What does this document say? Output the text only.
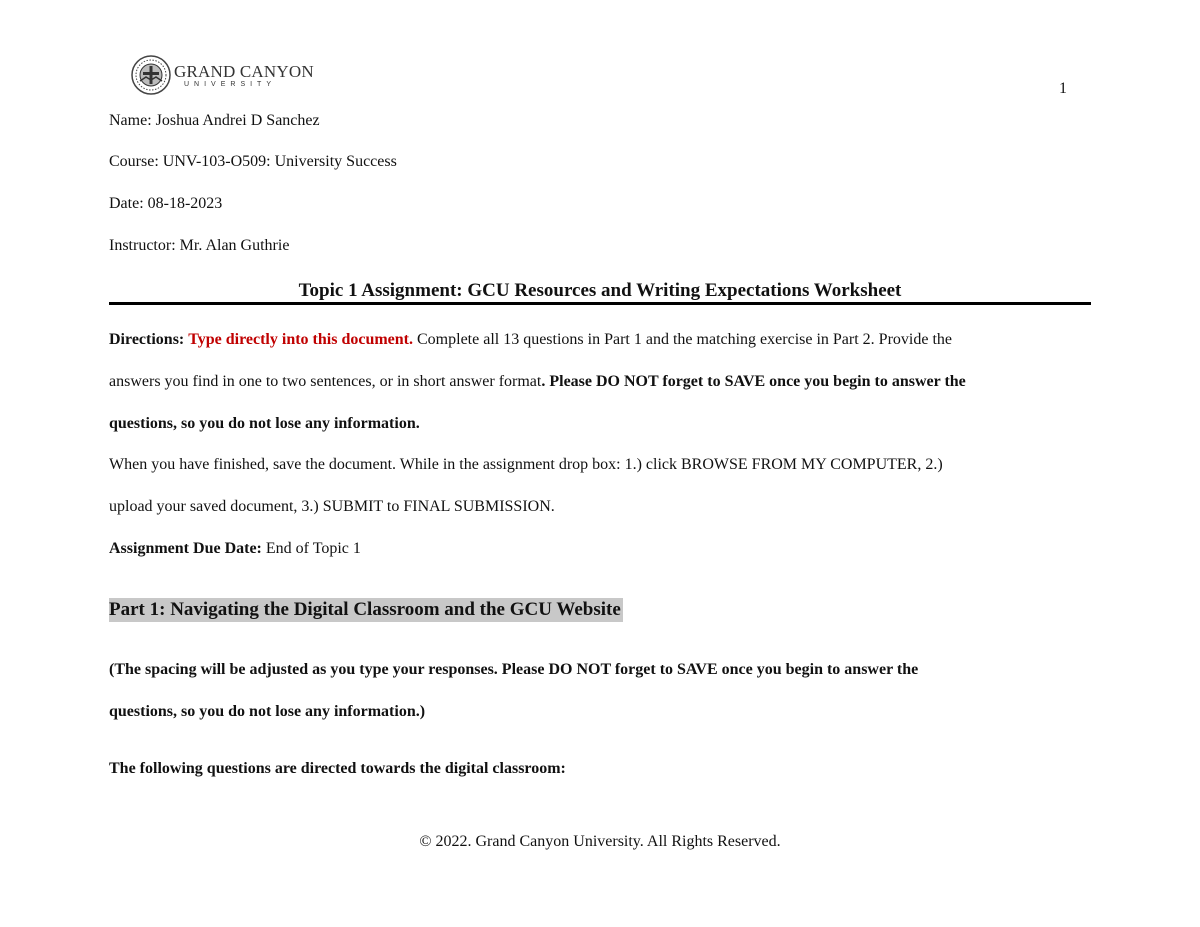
GRAND CANYON
UNIVERSITY	1
Name: Joshua Andrei D Sanchez
Course: UNV-103-O509: University Success
Date: 08-18-2023
Instructor: Mr. Alan Guthrie
Topic 1 Assignment: GCU Resources and Writing Expectations Worksheet
Directions: Type directly into this document. Complete all 13 questions in Part 1 and the matching exercise in Part 2. Provide the
answers you find in one to two sentences, or in short answer format. Please DO NOT forget to SAVE once you begin to answer the
questions, so you do not lose any information.
When you have finished, save the document. While in the assignment drop box: 1.) click BROWSE FROM MY COMPUTER, 2.)
upload your saved document, 3.) SUBMIT to FINAL SUBMISSION.
Assignment Due Date: End of Topic 1
Part 1: Navigating the Digital Classroom and the GCU Website
(The spacing will be adjusted as you type your responses. Please DO NOT forget to SAVE once you begin to answer the
questions, so you do not lose any information.)
The following questions are directed towards the digital classroom:
© 2022. Grand Canyon University. All Rights Reserved.
